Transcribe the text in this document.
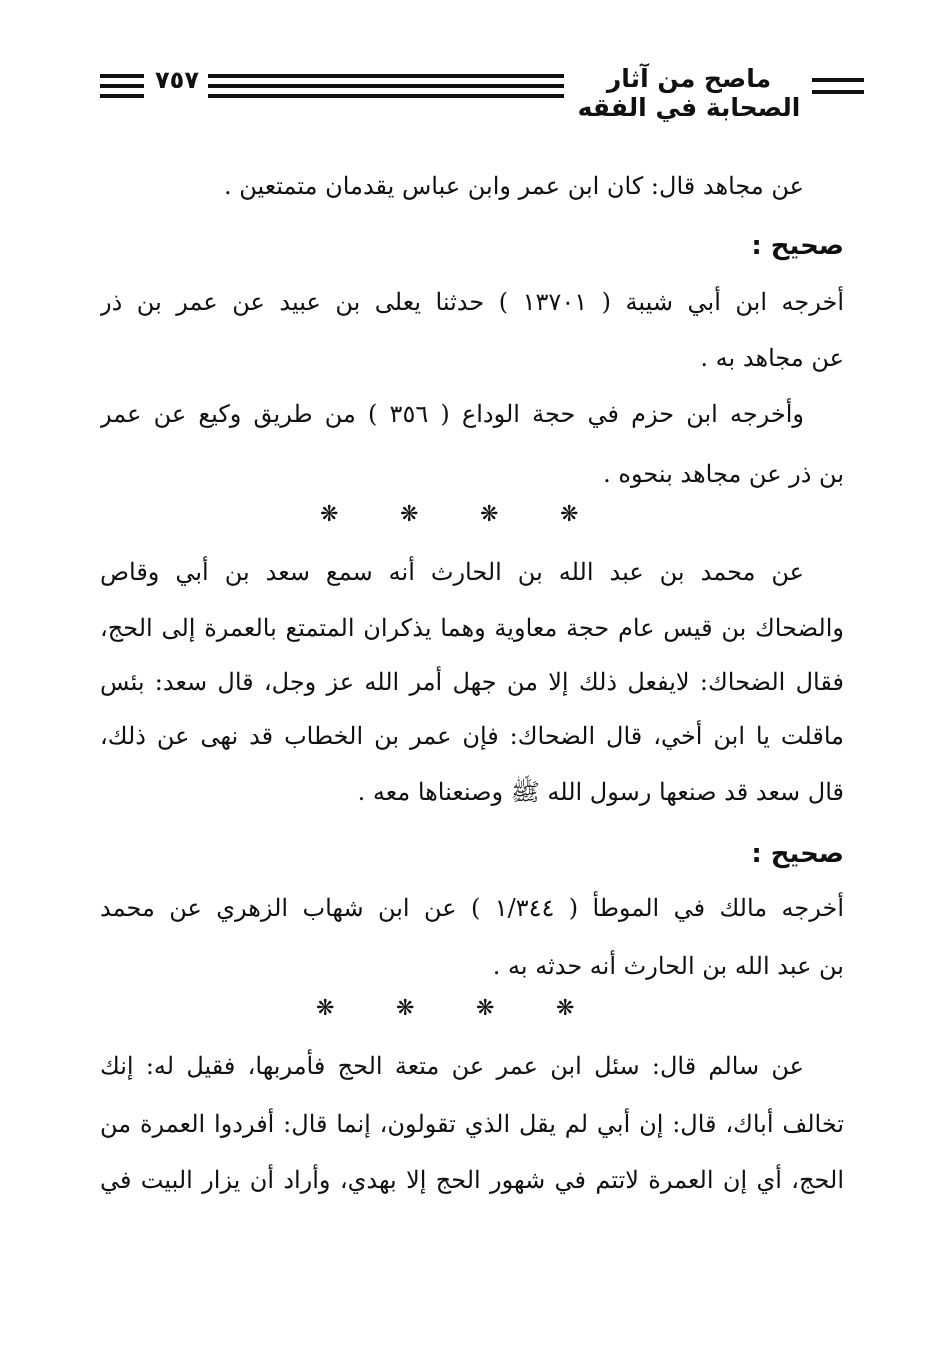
٧٥٧	ماصح من آثار الصحابة في الفقه
عن مجاهد قال: كان ابن عمر وابن عباس يقدمان متمتعين .
صحيح :
أخرجه ابن أبي شيبة ( ١٣٧٠١ ) حدثنا يعلى بن عبيد عن عمر بن ذر
عن مجاهد به .
وأخرجه ابن حزم في حجة الوداع ( ٣٥٦ ) من طريق وكيع عن عمر
بن ذر عن مجاهد بنحوه .
❋	❋	❋	❋
عن محمد بن عبد الله بن الحارث أنه سمع سعد بن أبي وقاص
والضحاك بن قيس عام حجة معاوية وهما يذكران المتمتع بالعمرة إلى الحج،
فقال الضحاك: لايفعل ذلك إلا من جهل أمر الله عز وجل، قال سعد: بئس
ماقلت يا ابن أخي، قال الضحاك: فإن عمر بن الخطاب قد نهى عن ذلك،
قال سعد قد صنعها رسول الله ﷺ وصنعناها معه .
صحيح :
أخرجه مالك في الموطأ ( ١/٣٤٤ ) عن ابن شهاب الزهري عن محمد
بن عبد الله بن الحارث أنه حدثه به .
❋	❋	❋	❋
عن سالم قال: سئل ابن عمر عن متعة الحج فأمربها، فقيل له: إنك
تخالف أباك، قال: إن أبي لم يقل الذي تقولون، إنما قال: أفردوا العمرة من
الحج، أي إن العمرة لاتتم في شهور الحج إلا بهدي، وأراد أن يزار البيت في
